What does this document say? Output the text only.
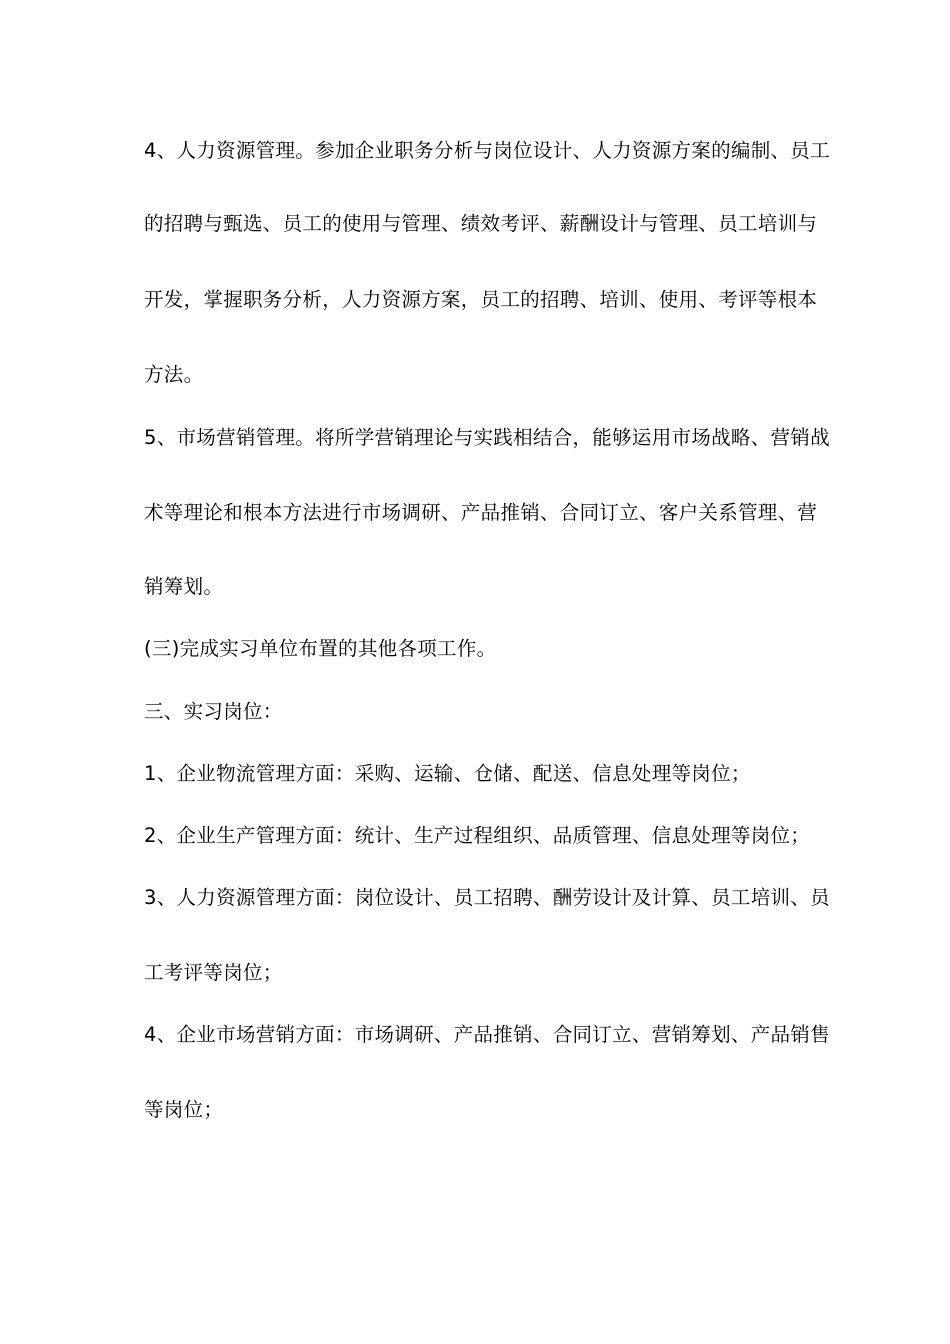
4、人力资源管理。参加企业职务分析与岗位设计、人力资源方案的编制、员工
的招聘与甄选、员工的使用与管理、绩效考评、薪酬设计与管理、员工培训与
开发，掌握职务分析，人力资源方案，员工的招聘、培训、使用、考评等根本
方法。
5、市场营销管理。将所学营销理论与实践相结合，能够运用市场战略、营销战
术等理论和根本方法进行市场调研、产品推销、合同订立、客户关系管理、营
销筹划。
(三)完成实习单位布置的其他各项工作。
三、实习岗位：
1、企业物流管理方面：采购、运输、仓储、配送、信息处理等岗位；
2、企业生产管理方面：统计、生产过程组织、品质管理、信息处理等岗位；
3、人力资源管理方面：岗位设计、员工招聘、酬劳设计及计算、员工培训、员
工考评等岗位；
4、企业市场营销方面：市场调研、产品推销、合同订立、营销筹划、产品销售
等岗位；
